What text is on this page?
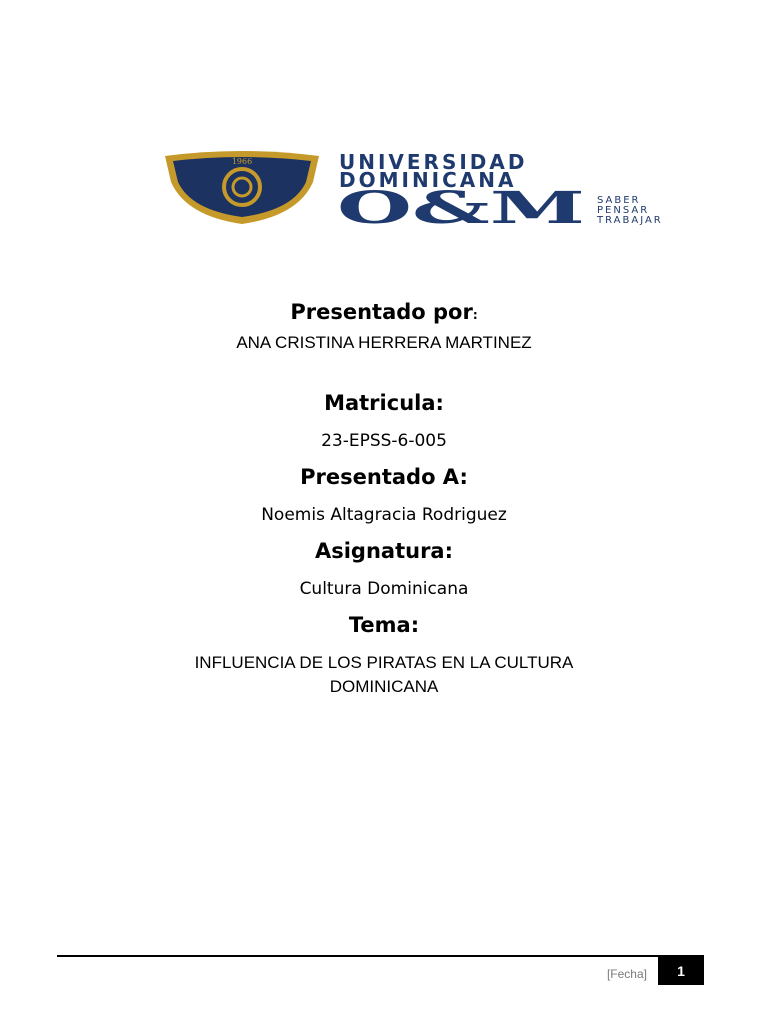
1966	UNIVERSIDAD
DOMINICANA
O&M SABER
PENSAR
TRABAJAR

Presentado por:

ANA CRISTINA HERRERA MARTINEZ

Matricula:

23-EPSS-6-005

Presentado A:

Noemis Altagracia Rodriguez

Asignatura:

Cultura Dominicana

Tema:

INFLUENCIA DE LOS PIRATAS EN LA CULTURA

DOMINICANA

[Fecha]	1
